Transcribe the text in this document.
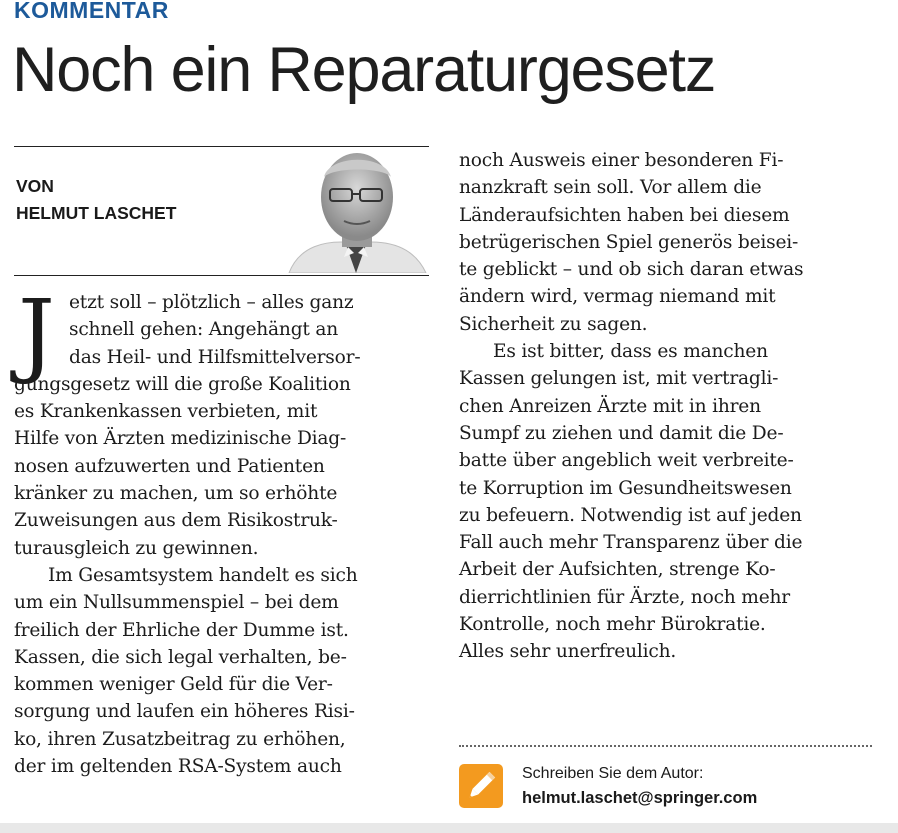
KOMMENTAR
Noch ein Reparaturgesetz
VON
HELMUT LASCHET
J etzt soll – plötzlich – alles ganz
schnell gehen: Angehängt an
das Heil- und Hilfsmittelversor-
gungsgesetz will die große Koalition
es Krankenkassen verbieten, mit
Hilfe von Ärzten medizinische Diag-
nosen aufzuwerten und Patienten
kränker zu machen, um so erhöhte
Zuweisungen aus dem Risikostruk-
turausgleich zu gewinnen.
Im Gesamtsystem handelt es sich
um ein Nullsummenspiel – bei dem
freilich der Ehrliche der Dumme ist.
Kassen, die sich legal verhalten, be-
kommen weniger Geld für die Ver-
sorgung und laufen ein höheres Risi-
ko, ihren Zusatzbeitrag zu erhöhen,
der im geltenden RSA-System auch
noch Ausweis einer besonderen Fi-
nanzkraft sein soll. Vor allem die
Länderaufsichten haben bei diesem
betrügerischen Spiel generös beisei-
te geblickt – und ob sich daran etwas
ändern wird, vermag niemand mit
Sicherheit zu sagen.
Es ist bitter, dass es manchen
Kassen gelungen ist, mit vertragli-
chen Anreizen Ärzte mit in ihren
Sumpf zu ziehen und damit die De-
batte über angeblich weit verbreite-
te Korruption im Gesundheitswesen
zu befeuern. Notwendig ist auf jeden
Fall auch mehr Transparenz über die
Arbeit der Aufsichten, strenge Ko-
dierrichtlinien für Ärzte, noch mehr
Kontrolle, noch mehr Bürokratie.
Alles sehr unerfreulich.
Schreiben Sie dem Autor:
helmut.laschet@springer.com
